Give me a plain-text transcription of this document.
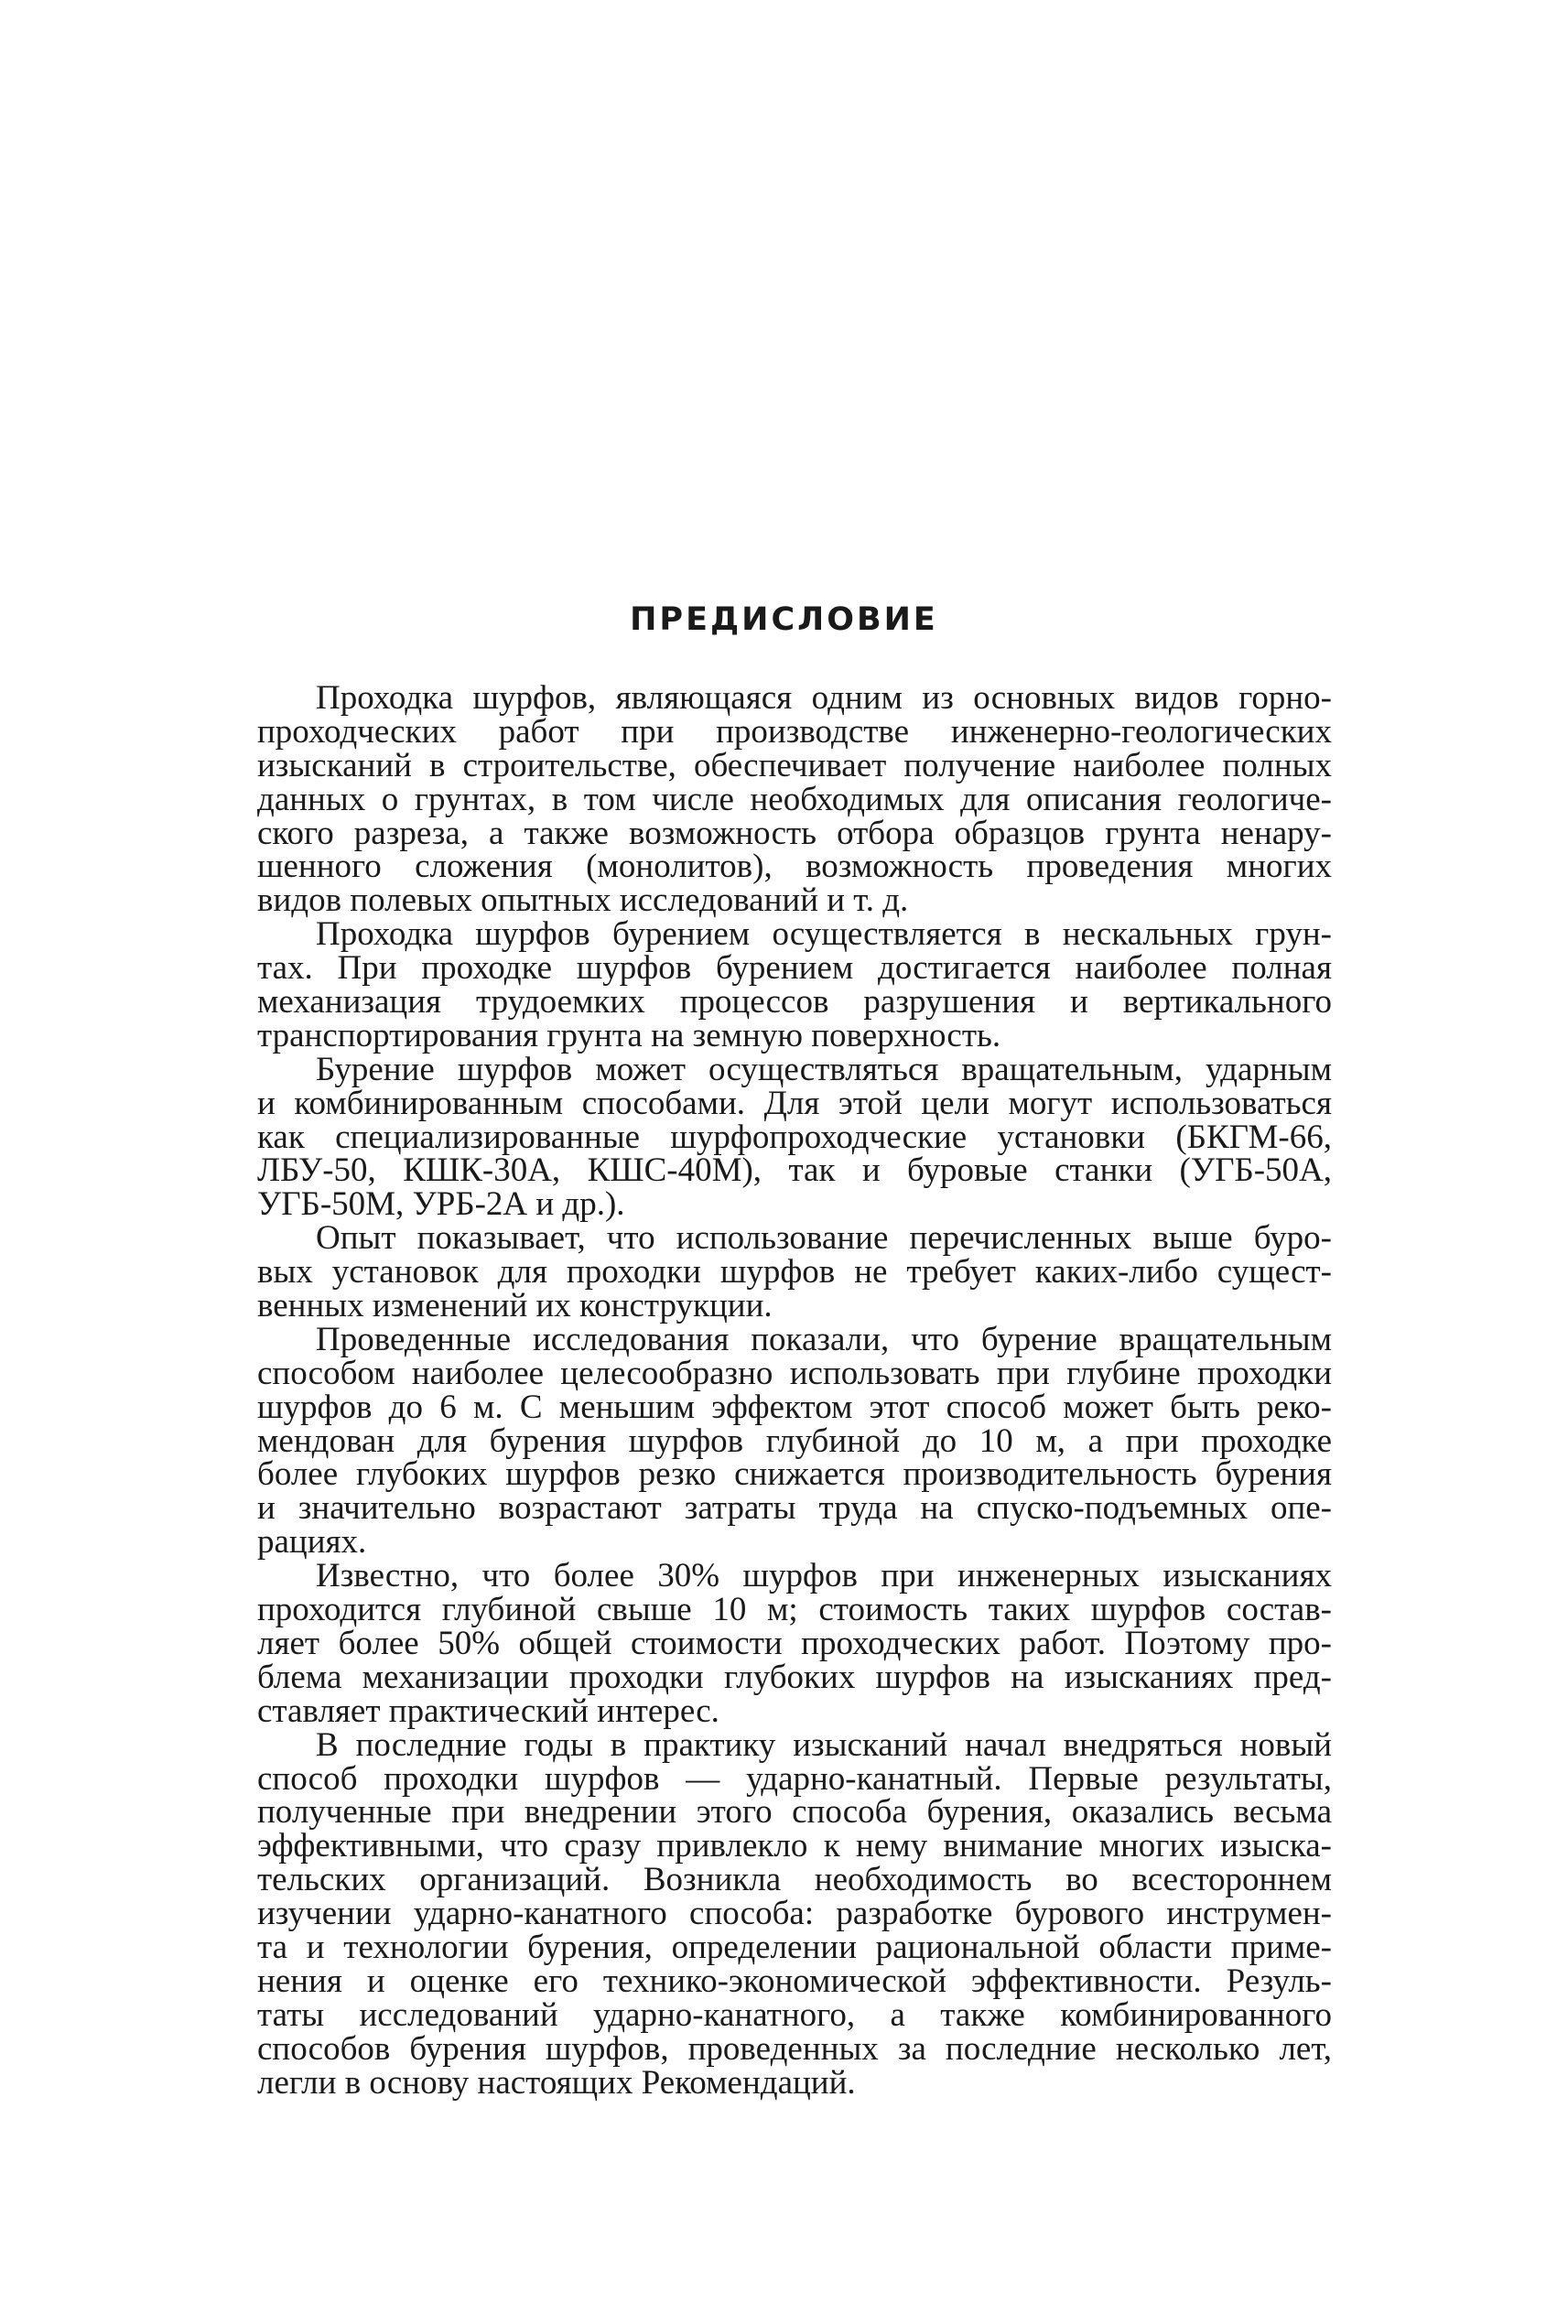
ПРЕДИСЛОВИЕ
Проходка шурфов, являющаяся одним из основных видов горно-
проходческих работ при производстве инженерно-геологических
изысканий в строительстве, обеспечивает получение наиболее полных
данных о грунтах, в том числе необходимых для описания геологиче-
ского разреза, а также возможность отбора образцов грунта ненару-
шенного сложения (монолитов), возможность проведения многих
видов полевых опытных исследований и т. д.
Проходка шурфов бурением осуществляется в нескальных грун-
тах. При проходке шурфов бурением достигается наиболее полная
механизация трудоемких процессов разрушения и вертикального
транспортирования грунта на земную поверхность.
Бурение шурфов может осуществляться вращательным, ударным
и комбинированным способами. Для этой цели могут использоваться
как специализированные шурфопроходческие установки (БКГМ-66,
ЛБУ-50, КШК-30А, КШС-40М), так и буровые станки (УГБ-50А,
УГБ-50М, УРБ-2А и др.).
Опыт показывает, что использование перечисленных выше буро-
вых установок для проходки шурфов не требует каких-либо сущест-
венных изменений их конструкции.
Проведенные исследования показали, что бурение вращательным
способом наиболее целесообразно использовать при глубине проходки
шурфов до 6 м. С меньшим эффектом этот способ может быть реко-
мендован для бурения шурфов глубиной до 10 м, а при проходке
более глубоких шурфов резко снижается производительность бурения
и значительно возрастают затраты труда на спуско-подъемных опе-
рациях.
Известно, что более 30% шурфов при инженерных изысканиях
проходится глубиной свыше 10 м; стоимость таких шурфов состав-
ляет более 50% общей стоимости проходческих работ. Поэтому про-
блема механизации проходки глубоких шурфов на изысканиях пред-
ставляет практический интерес.
В последние годы в практику изысканий начал внедряться новый
способ проходки шурфов — ударно-канатный. Первые результаты,
полученные при внедрении этого способа бурения, оказались весьма
эффективными, что сразу привлекло к нему внимание многих изыска-
тельских организаций. Возникла необходимость во всестороннем
изучении ударно-канатного способа: разработке бурового инструмен-
та и технологии бурения, определении рациональной области приме-
нения и оценке его технико-экономической эффективности. Резуль-
таты исследований ударно-канатного, а также комбинированного
способов бурения шурфов, проведенных за последние несколько лет,
легли в основу настоящих Рекомендаций.
